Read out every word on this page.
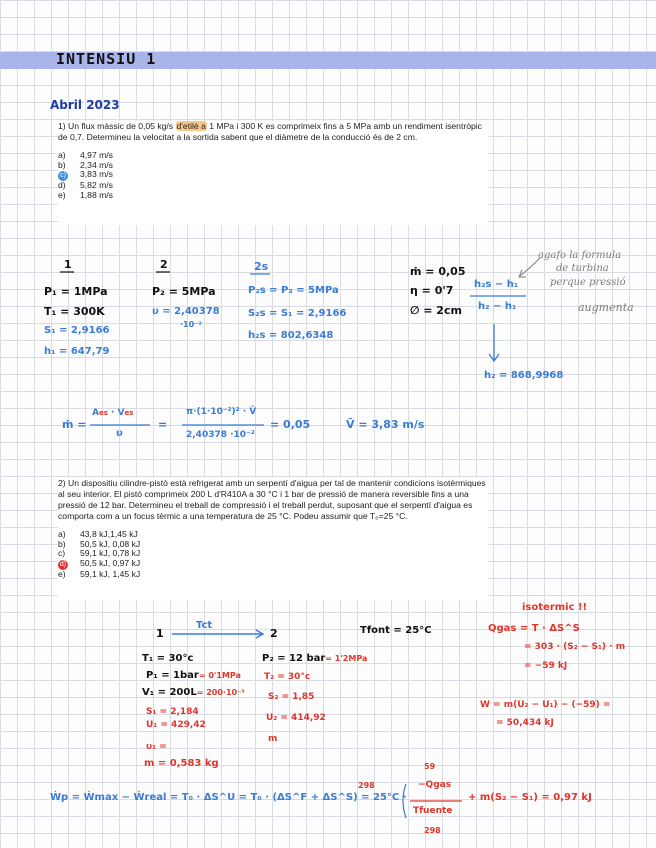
INTENSIU 1
Abril 2023

1) Un flux màssic de 0,05 kg/s d'etilè a 1 MPa i 300 K es comprimeix fins a 5 MPa amb un rendiment isentròpic de 0,7. Determineu la velocitat a la sortida sabent que el diàmetre de la conducció és de 2 cm.

a)	4,97 m/s
b)	2,34 m/s
c)	3,83 m/s
d)	5,82 m/s
e)	1,88 m/s
1	2	2s
P₁ = 1MPa
T₁ = 300K
S₁ = 2,9166
h₁ = 647,79
P₂ = 5MPa
υ = 2,40378
·10⁻²
P₂s = P₂ = 5MPa
S₂s = S₁ = 2,9166
h₂s = 802,6348
ṁ = 0,05
η = 0'7
∅ = 2cm
h₂s − h₁
h₂ − h₁
h₂ = 868,9968
agafo la formula
de turbina
perque pressió
augmenta
ṁ =
Aes · Ves
υ
=
π·(1·10⁻²)² · V̄
2,40378 ·10⁻²
= 0,05	V̄ = 3,83 m/s

2) Un dispositiu cilindre-pistó està refrigerat amb un serpentí d'aigua per tal de mantenir condicions isotèrmiques al seu interior. El pistó comprimeix 200 L d'R410A a 30 °C i 1 bar de pressió de manera reversible fins a una pressió de 12 bar. Determineu el treball de compressió i el treball perdut, suposant que el serpentí d'aigua es comporta com a un focus tèrmic a una temperatura de 25 °C. Podeu assumir que T₀=25 °C.

a)	43,8 kJ,1,45 kJ
b)	50,5 kJ, 0,08 kJ
c)	59,1 kJ, 0,78 kJ
d)	50,5 kJ, 0,97 kJ
e)	59,1 kJ, 1,45 kJ
1
Tct
2	Tfont = 25°C
T₁ = 30°c
P₁ = 1bar= 0'1MPa
V₁ = 200L= 200·10⁻³
S₁ = 2,184
U₁ = 429,42
υ₁ =
m = 0,583 kg
P₂ = 12 bar= 1'2MPa
T₂ = 30°c
S₂ = 1,85
U₂ = 414,92
m
isotermic !!
Qgas = T · ΔS^S
= 303 · (S₂ − S₁) · m
= −59 kJ
W = m(U₂ − U₁) − (−59) =
= 50,434 kJ
Ẇp = Ẇmax − Ẇreal = T₀ · ΔS^U = T₀ · (ΔS^F + ΔS^S) = 25°C ·
298
59
−Qgas
Tfuente
298
+ m(S₂ − S₁) = 0,97 kJ
